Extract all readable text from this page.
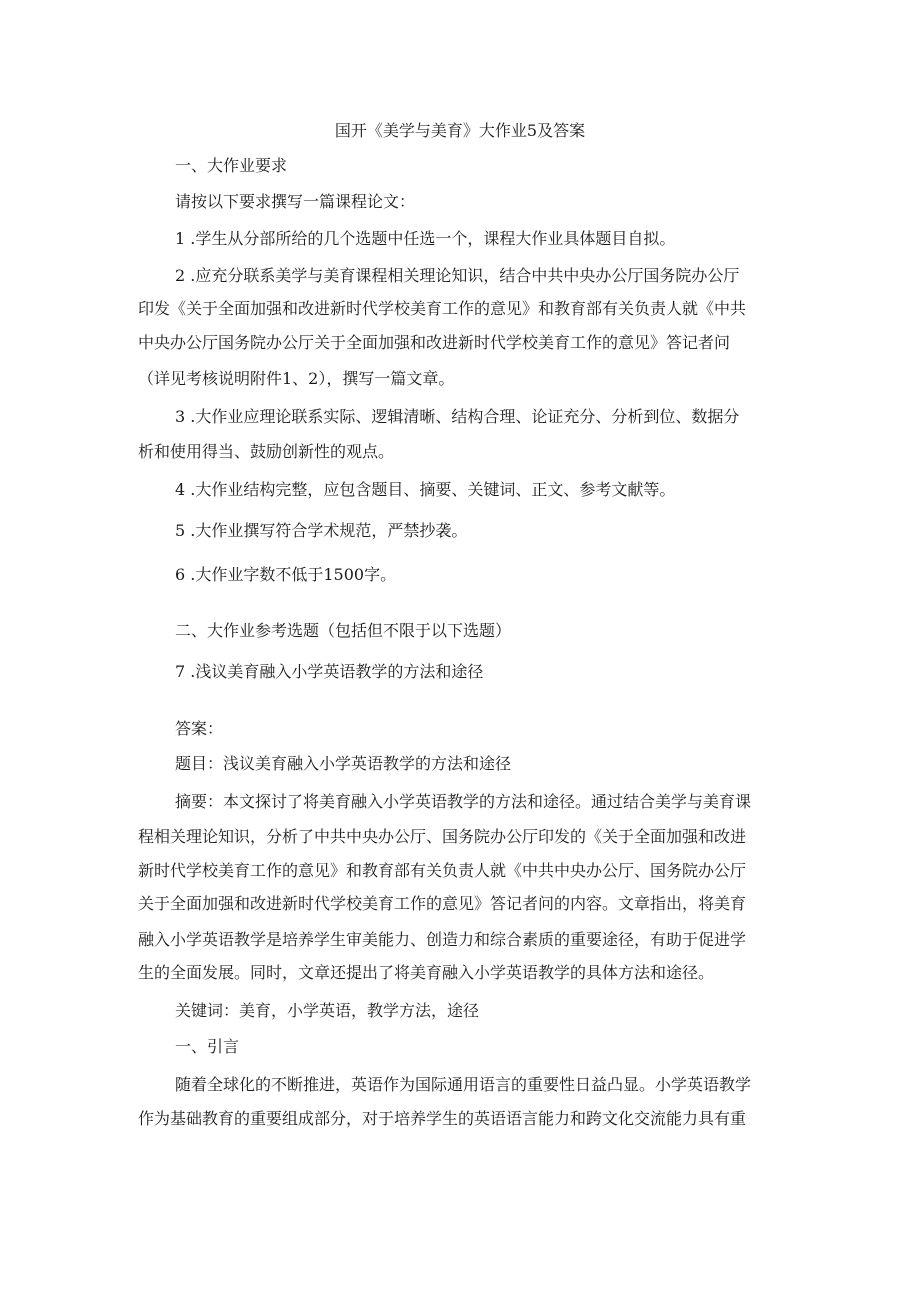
国开《美学与美育》大作业5及答案
一、大作业要求
请按以下要求撰写一篇课程论文：
1 .学生从分部所给的几个选题中任选一个，课程大作业具体题目自拟。
2 .应充分联系美学与美育课程相关理论知识，结合中共中央办公厅国务院办公厅
印发《关于全面加强和改进新时代学校美育工作的意见》和教育部有关负责人就《中共
中央办公厅国务院办公厅关于全面加强和改进新时代学校美育工作的意见》答记者问
（详见考核说明附件1、2），撰写一篇文章。
3 .大作业应理论联系实际、逻辑清晰、结构合理、论证充分、分析到位、数据分
析和使用得当、鼓励创新性的观点。
4 .大作业结构完整，应包含题目、摘要、关键词、正文、参考文献等。
5 .大作业撰写符合学术规范，严禁抄袭。
6 .大作业字数不低于1500字。
二、大作业参考选题（包括但不限于以下选题）
7 .浅议美育融入小学英语教学的方法和途径
答案：
题目：浅议美育融入小学英语教学的方法和途径
摘要：本文探讨了将美育融入小学英语教学的方法和途径。通过结合美学与美育课
程相关理论知识，分析了中共中央办公厅、国务院办公厅印发的《关于全面加强和改进
新时代学校美育工作的意见》和教育部有关负责人就《中共中央办公厅、国务院办公厅
关于全面加强和改进新时代学校美育工作的意见》答记者问的内容。文章指出，将美育
融入小学英语教学是培养学生审美能力、创造力和综合素质的重要途径，有助于促进学
生的全面发展。同时，文章还提出了将美育融入小学英语教学的具体方法和途径。
关键词：美育，小学英语，教学方法，途径
一、引言
随着全球化的不断推进，英语作为国际通用语言的重要性日益凸显。小学英语教学
作为基础教育的重要组成部分，对于培养学生的英语语言能力和跨文化交流能力具有重
